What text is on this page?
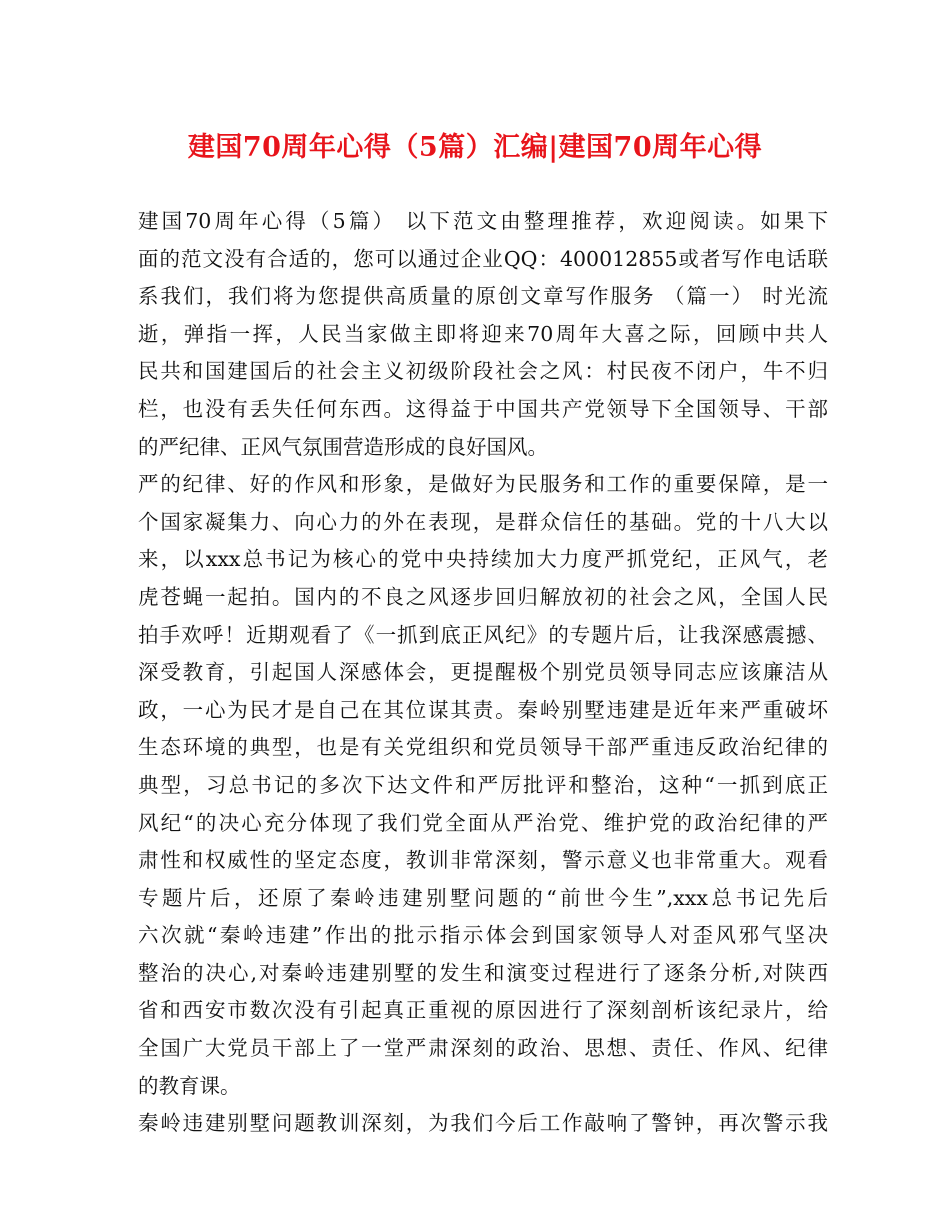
建国70周年心得（5篇）汇编|建国70周年心得
建国70周年心得（5篇） 以下范文由整理推荐，欢迎阅读。如果下
面的范文没有合适的，您可以通过企业QQ：400012855或者写作电话联
系我们，我们将为您提供高质量的原创文章写作服务 （篇一） 时光流
逝，弹指一挥，人民当家做主即将迎来70周年大喜之际，回顾中共人
民共和国建国后的社会主义初级阶段社会之风：村民夜不闭户，牛不归
栏，也没有丢失任何东西。这得益于中国共产党领导下全国领导、干部
的严纪律、正风气氛围营造形成的良好国风。
严的纪律、好的作风和形象，是做好为民服务和工作的重要保障，是一
个国家凝集力、向心力的外在表现，是群众信任的基础。党的十八大以
来，以xxx总书记为核心的党中央持续加大力度严抓党纪，正风气，老
虎苍蝇一起拍。国内的不良之风逐步回归解放初的社会之风，全国人民
拍手欢呼！近期观看了《一抓到底正风纪》的专题片后，让我深感震撼、
深受教育，引起国人深感体会，更提醒极个别党员领导同志应该廉洁从
政，一心为民才是自己在其位谋其责。秦岭别墅违建是近年来严重破坏
生态环境的典型，也是有关党组织和党员领导干部严重违反政治纪律的
典型，习总书记的多次下达文件和严厉批评和整治，这种“一抓到底正
风纪“的决心充分体现了我们党全面从严治党、维护党的政治纪律的严
肃性和权威性的坚定态度，教训非常深刻，警示意义也非常重大。观看
专题片后，还原了秦岭违建别墅问题的“前世今生”,xxx总书记先后
六次就“秦岭违建”作出的批示指示体会到国家领导人对歪风邪气坚决
整治的决心,对秦岭违建别墅的发生和演变过程进行了逐条分析,对陕西
省和西安市数次没有引起真正重视的原因进行了深刻剖析该纪录片，给
全国广大党员干部上了一堂严肃深刻的政治、思想、责任、作风、纪律
的教育课。
秦岭违建别墅问题教训深刻，为我们今后工作敲响了警钟，再次警示我
